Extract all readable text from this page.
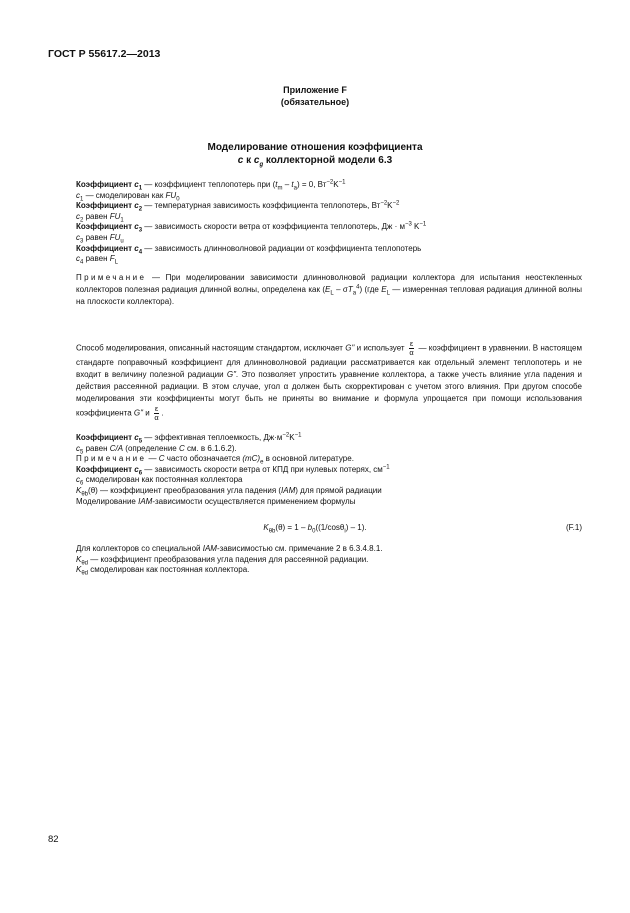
ГОСТ Р 55617.2—2013
Приложение F
(обязательное)
Моделирование отношения коэффициента
c к $c_g$ коллекторной модели 6.3
Коэффициент $c_1$ — коэффициент теплопотерь при $(t_m - t_a) = 0$, $Вт^{-2}K^{-1}$
$c_1$ — смоделирован как $FU_0$
Коэффициент $c_2$ — температурная зависимость коэффициента теплопотерь, $Вт^{-2}K^{-2}$
$c_2$ равен $FU_1$
Коэффициент $c_3$ — зависимость скорости ветра от коэффициента теплопотерь, Дж · $м^{-3}$ $K^{-1}$
$c_3$ равен $FU_u$
Коэффициент $c_4$ — зависимость длинноволновой радиации от коэффициента теплопотерь
$c_4$ равен $F_L$
Примечание — При моделировании зависимости длинноволновой радиации коллектора для испытания неостекленных коллекторов полезная радиация длинной волны, определена как $(E_L - \sigma T_a^4)$ (где $E_L$ — измеренная тепловая радиация длинной волны на плоскости коллектора).
Способ моделирования, описанный настоящим стандартом, исключает G" и использует $\frac{\varepsilon}{\alpha}$ — коэффициент в уравнении. В настоящем стандарте поправочный коэффициент для длинноволновой радиации рассматривается как отдельный элемент теплопотерь и не входит в величину полезной радиации G". Это позволяет упростить уравнение коллектора, а также учесть влияние угла падения и действия рассеянной радиации. В этом случае, угол α должен быть скорректирован с учетом этого влияния. При другом способе моделирования эти коэффициенты могут быть не приняты во внимание и формула упрощается при помощи использования коэффициента G" и $\frac{\varepsilon}{\alpha}$ .
Коэффициент $c_5$ — эффективная теплоемкость, $Дж\cdot м^{-2}K^{-1}$
$c_5$ равен C/A (определение C см. в 6.1.6.2).
Примечание — C часто обозначается $(mC)_e$ в основной литературе.
Коэффициент $c_6$ — зависимость скорости ветра от КПД при нулевых потерях, $см^{-1}$
$c_6$ смоделирован как постоянная коллектора
$K_{\theta b}(\theta)$ — коэффициент преобразования угла падения (IAM) для прямой радиации
Моделирование IAM-зависимости осуществляется применением формулы
$K_{\theta b}(\theta) = 1 - b_0((1/\cos\theta_i) - 1)$.	(F.1)
Для коллекторов со специальной IAM-зависимостью см. примечание 2 в 6.3.4.8.1.
$K_{\theta d}$ — коэффициент преобразования угла падения для рассеянной радиации.
$K_{\theta d}$ смоделирован как постоянная коллектора.
82
